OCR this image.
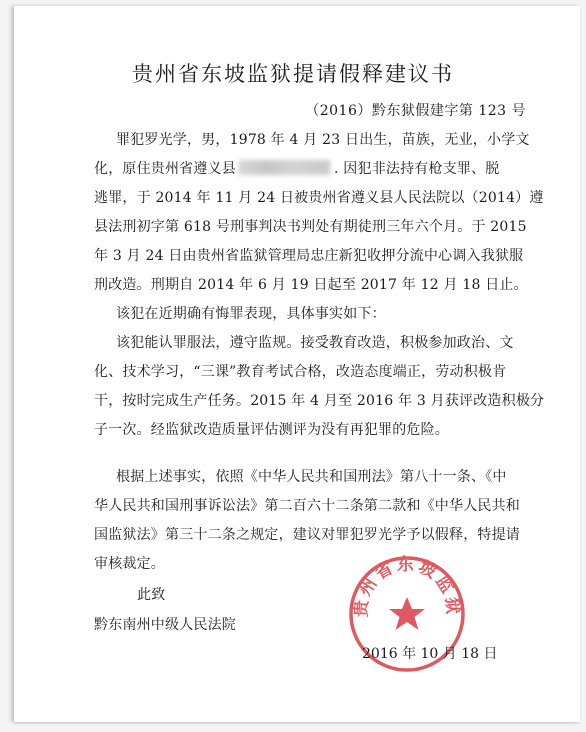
贵州省东坡监狱提请假释建议书
（2016）黔东狱假建字第 123 号
罪犯罗光学，男，1978 年 4 月 23 日出生，苗族，无业，小学文
化，原住贵州省遵义县	. 因犯非法持有枪支罪、脱
逃罪，于 2014 年 11 月 24 日被贵州省遵义县人民法院以（2014）遵
县法刑初字第 618 号刑事判决书判处有期徒刑三年六个月。于 2015
年 3 月 24 日由贵州省监狱管理局忠庄新犯收押分流中心调入我狱服
刑改造。刑期自 2014 年 6 月 19 日起至 2017 年 12 月 18 日止。
该犯在近期确有悔罪表现，具体事实如下：
该犯能认罪服法，遵守监规。接受教育改造，积极参加政治、文
化、技术学习，“三课”教育考试合格，改造态度端正，劳动积极肯
干，按时完成生产任务。2015 年 4 月至 2016 年 3 月获评改造积极分
子一次。经监狱改造质量评估测评为没有再犯罪的危险。
根据上述事实，依照《中华人民共和国刑法》第八十一条、《中
华人民共和国刑事诉讼法》第二百六十二条第二款和《中华人民共和
国监狱法》第三十二条之规定，建议对罪犯罗光学予以假释，特提请
审核裁定。
此致
黔东南州中级人民法院
贵州省东坡监狱
2016 年 10 月 18 日
